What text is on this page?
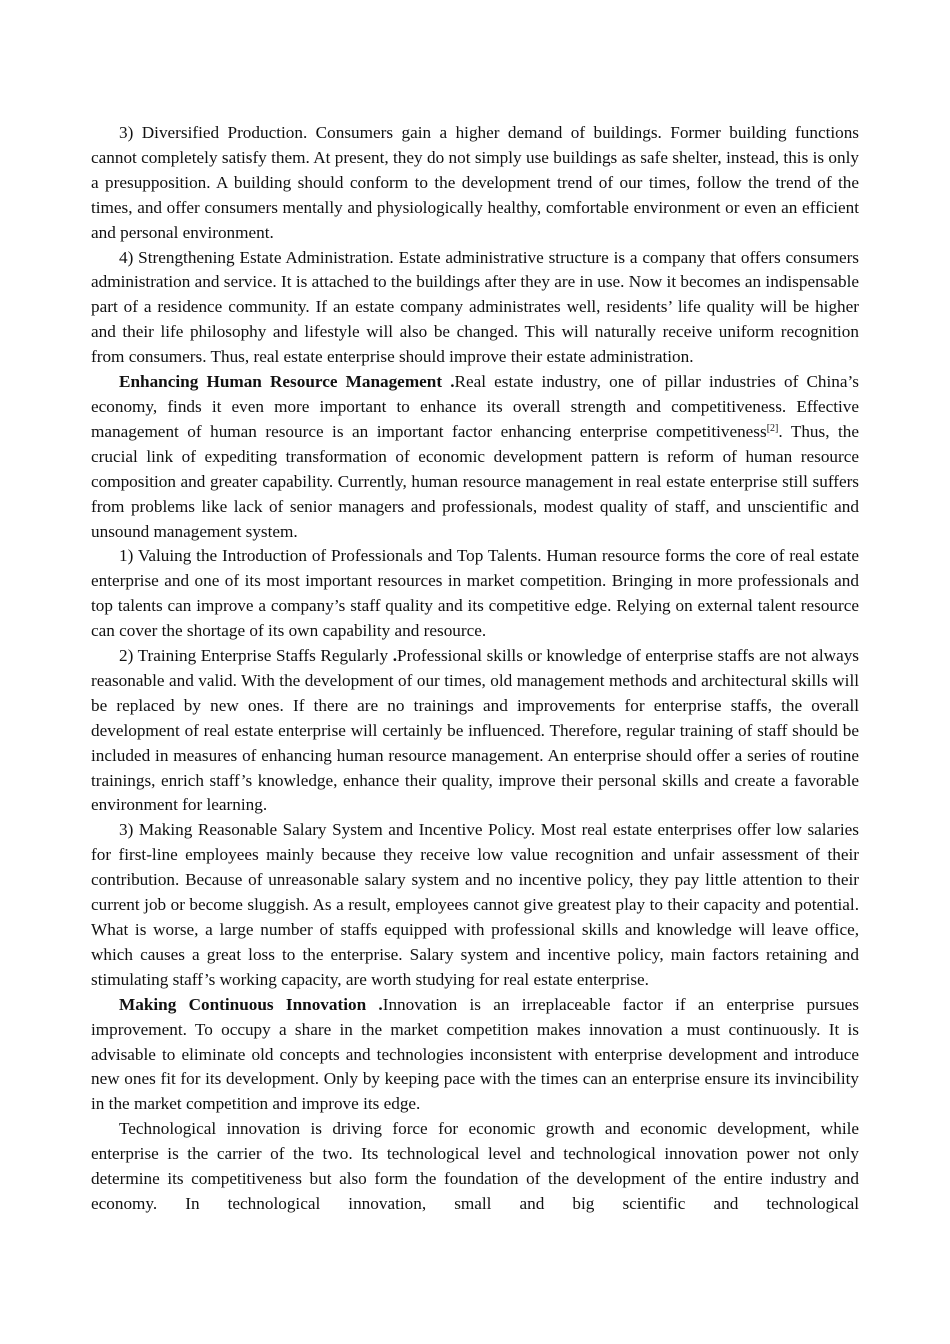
3) Diversified Production. Consumers gain a higher demand of buildings. Former building functions cannot completely satisfy them. At present, they do not simply use buildings as safe shelter, instead, this is only a presupposition. A building should conform to the development trend of our times, follow the trend of the times, and offer consumers mentally and physiologically healthy, comfortable environment or even an efficient and personal environment.

4) Strengthening Estate Administration. Estate administrative structure is a company that offers consumers administration and service. It is attached to the buildings after they are in use. Now it becomes an indispensable part of a residence community. If an estate company administrates well, residents’ life quality will be higher and their life philosophy and lifestyle will also be changed. This will naturally receive uniform recognition from consumers. Thus, real estate enterprise should improve their estate administration.

Enhancing Human Resource Management .Real estate industry, one of pillar industries of China’s economy, finds it even more important to enhance its overall strength and competitiveness. Effective management of human resource is an important factor enhancing enterprise competitiveness[2]. Thus, the crucial link of expediting transformation of economic development pattern is reform of human resource composition and greater capability. Currently, human resource management in real estate enterprise still suffers from problems like lack of senior managers and professionals, modest quality of staff, and unscientific and unsound management system.

1) Valuing the Introduction of Professionals and Top Talents. Human resource forms the core of real estate enterprise and one of its most important resources in market competition. Bringing in more professionals and top talents can improve a company’s staff quality and its competitive edge. Relying on external talent resource can cover the shortage of its own capability and resource.

2) Training Enterprise Staffs Regularly .Professional skills or knowledge of enterprise staffs are not always reasonable and valid. With the development of our times, old management methods and architectural skills will be replaced by new ones. If there are no trainings and improvements for enterprise staffs, the overall development of real estate enterprise will certainly be influenced. Therefore, regular training of staff should be included in measures of enhancing human resource management. An enterprise should offer a series of routine trainings, enrich staff’s knowledge, enhance their quality, improve their personal skills and create a favorable environment for learning.

3) Making Reasonable Salary System and Incentive Policy. Most real estate enterprises offer low salaries for first-line employees mainly because they receive low value recognition and unfair assessment of their contribution. Because of unreasonable salary system and no incentive policy, they pay little attention to their current job or become sluggish. As a result, employees cannot give greatest play to their capacity and potential. What is worse, a large number of staffs equipped with professional skills and knowledge will leave office, which causes a great loss to the enterprise. Salary system and incentive policy, main factors retaining and stimulating staff’s working capacity, are worth studying for real estate enterprise.

Making Continuous Innovation .Innovation is an irreplaceable factor if an enterprise pursues improvement. To occupy a share in the market competition makes innovation a must continuously. It is advisable to eliminate old concepts and technologies inconsistent with enterprise development and introduce new ones fit for its development. Only by keeping pace with the times can an enterprise ensure its invincibility in the market competition and improve its edge.

Technological innovation is driving force for economic growth and economic development, while enterprise is the carrier of the two. Its technological level and technological innovation power not only determine its competitiveness but also form the foundation of the development of the entire industry and economy. In technological innovation, small and big scientific and technological
